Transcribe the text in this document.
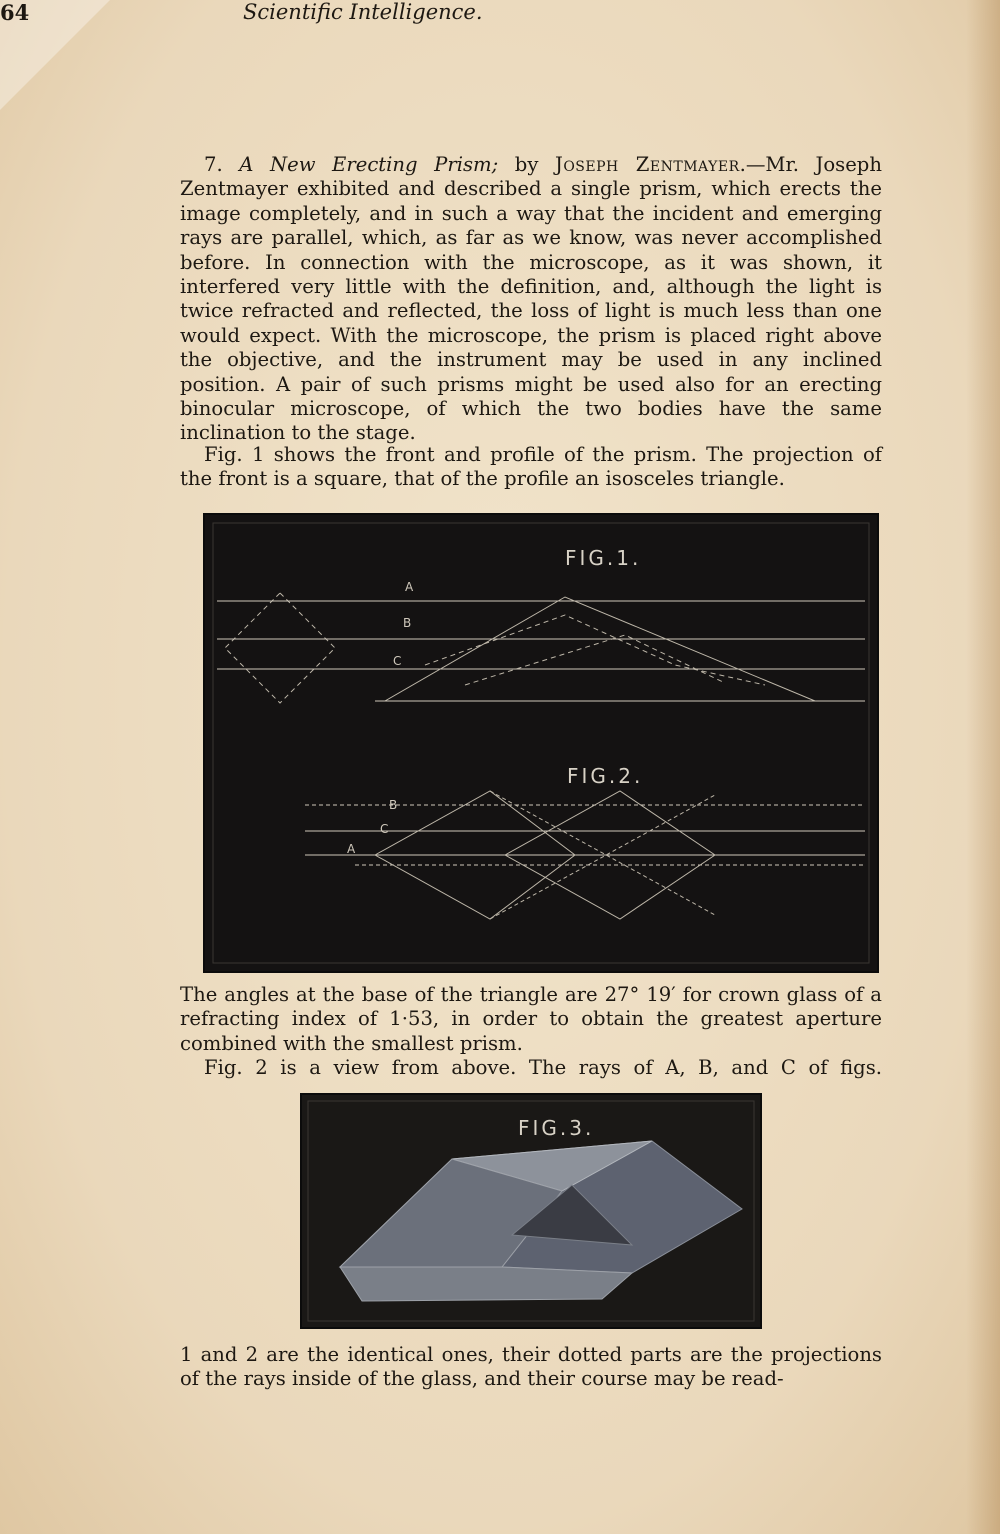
64	Scientific Intelligence.

7. A New Erecting Prism; by Joseph Zentmayer.—Mr. Joseph Zentmayer exhibited and described a single prism, which erects the image completely, and in such a way that the incident and emerging rays are parallel, which, as far as we know, was never accomplished before. In connection with the microscope, as it was shown, it interfered very little with the definition, and, although the light is twice refracted and reflected, the loss of light is much less than one would expect. With the microscope, the prism is placed right above the objective, and the instrument may be used in any inclined position. A pair of such prisms might be used also for an erecting binocular microscope, of which the two bodies have the same inclination to the stage.

Fig. 1 shows the front and profile of the prism. The projection of the front is a square, that of the profile an isosceles triangle.

FIG.1.
A
B
C
FIG.2.
B
C
A

The angles at the base of the triangle are 27° 19′ for crown glass of a refracting index of 1·53, in order to obtain the greatest aperture combined with the smallest prism.
Fig. 2 is a view from above. The rays of A, B, and C of figs.

FIG.3.

1 and 2 are the identical ones, their dotted parts are the projections of the rays inside of the glass, and their course may be read-
